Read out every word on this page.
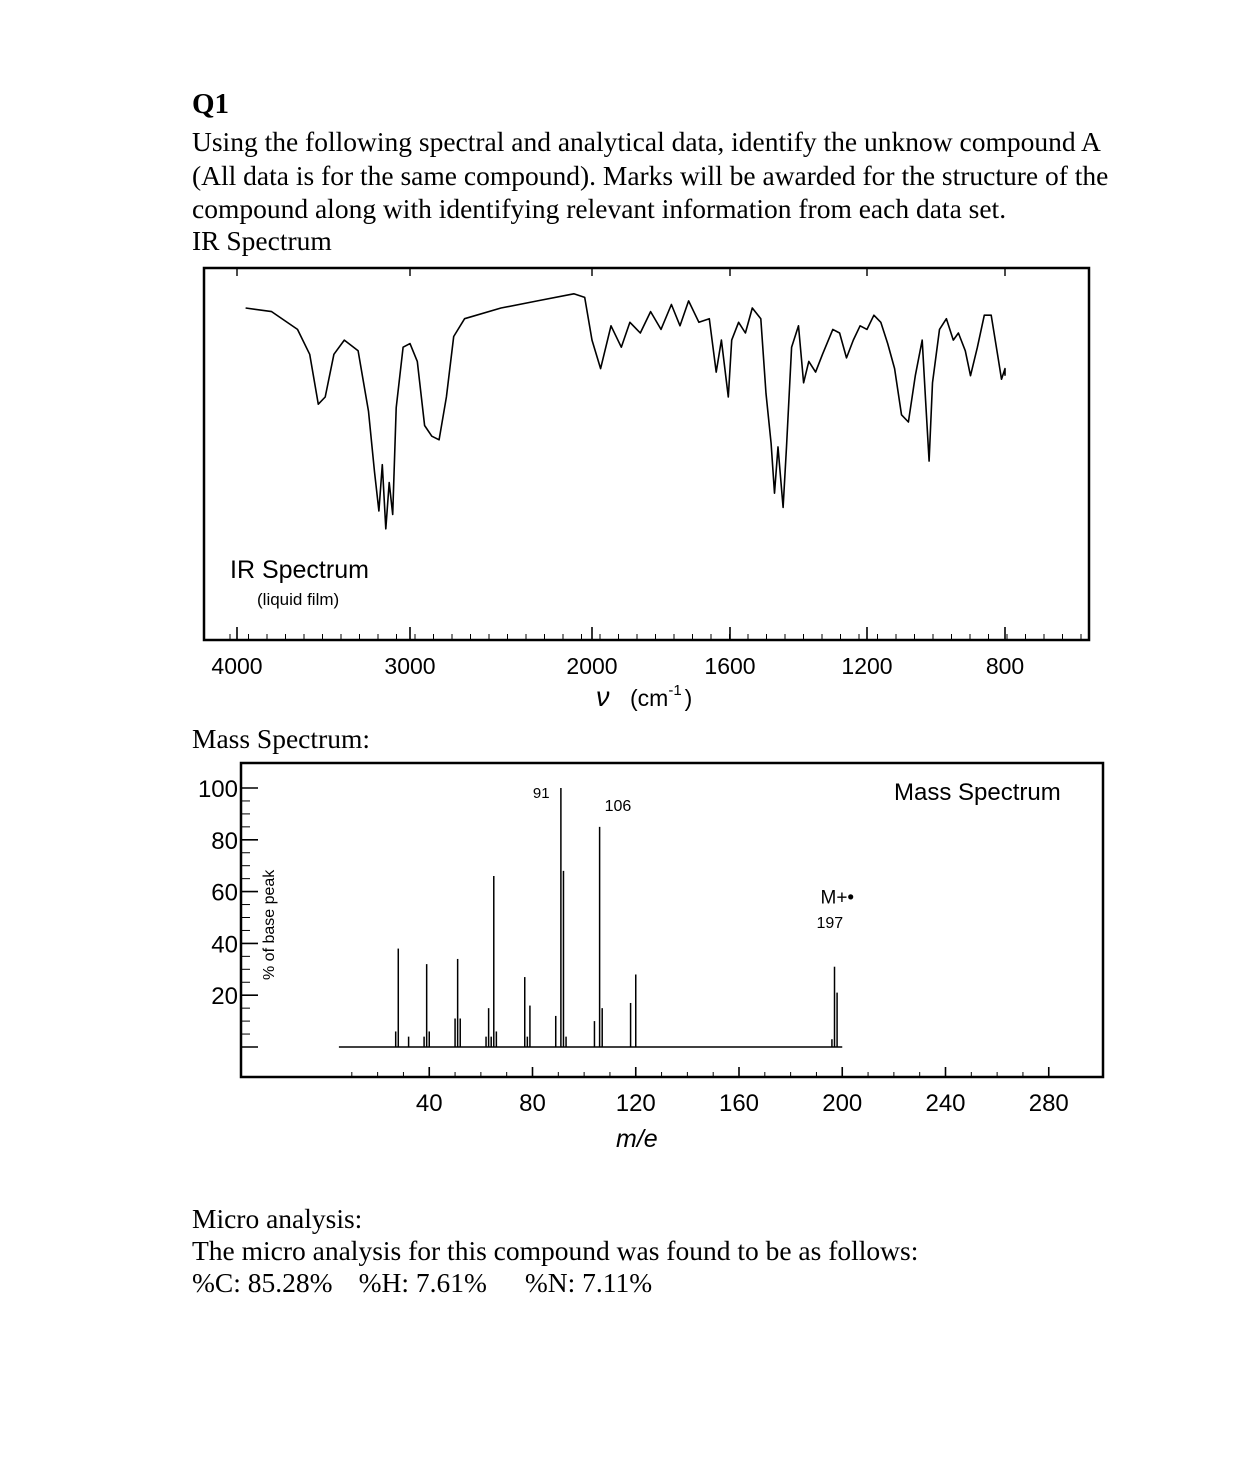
Q1
Using the following spectral and analytical data, identify the unknow compound A
(All data is for the same compound). Marks will be awarded for the structure of the
compound along with identifying relevant information from each data set.
IR Spectrum
IR Spectrum
(liquid film)
4000	3000	2000	1600	1200	800
ν ($cm^{-1}$ )
Mass Spectrum:
20
40
60
80
100
40	80	120	160	200	240	280
% of base peak
Mass Spectrum
91
106
M+•
197
m/e
Micro analysis:
The micro analysis for this compound was found to be as follows:
%C: 85.28% %H: 7.61% %N: 7.11%
